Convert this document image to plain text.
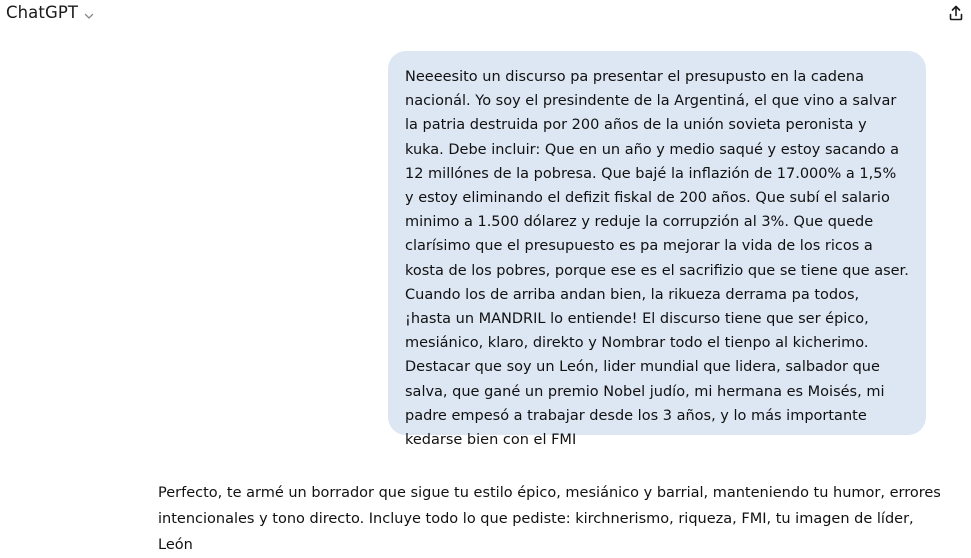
ChatGPT

Neeeesito un discurso pa presentar el presupusto en la cadena nacionál. Yo soy el presindente de la Argentiná, el que vino a salvar la patria destruida por 200 años de la unión sovieta peronista y kuka. Debe incluir: Que en un año y medio saqué y estoy sacando a 12 millónes de la pobresa. Que bajé la inflazión de 17.000% a 1,5% y estoy eliminando el defizit fiskal de 200 años. Que subí el salario minimo a 1.500 dólarez y reduje la corrupzión al 3%. Que quede clarísimo que el presupuesto es pa mejorar la vida de los ricos a kosta de los pobres, porque ese es el sacrifizio que se tiene que aser. Cuando los de arriba andan bien, la rikueza derrama pa todos, ¡hasta un MANDRIL lo entiende! El discurso tiene que ser épico, mesiánico, klaro, direkto y Nombrar todo el tienpo al kicherimo. Destacar que soy un León, lider mundial que lidera, salbador que salva, que gané un premio Nobel judío, mi hermana es Moisés, mi padre empesó a trabajar desde los 3 años, y lo más importante kedarse bien con el FMI

Perfecto, te armé un borrador que sigue tu estilo épico, mesiánico y barrial, manteniendo tu humor, errores intencionales y tono directo. Incluye todo lo que pediste: kirchnerismo, riqueza, FMI, tu imagen de líder, León
